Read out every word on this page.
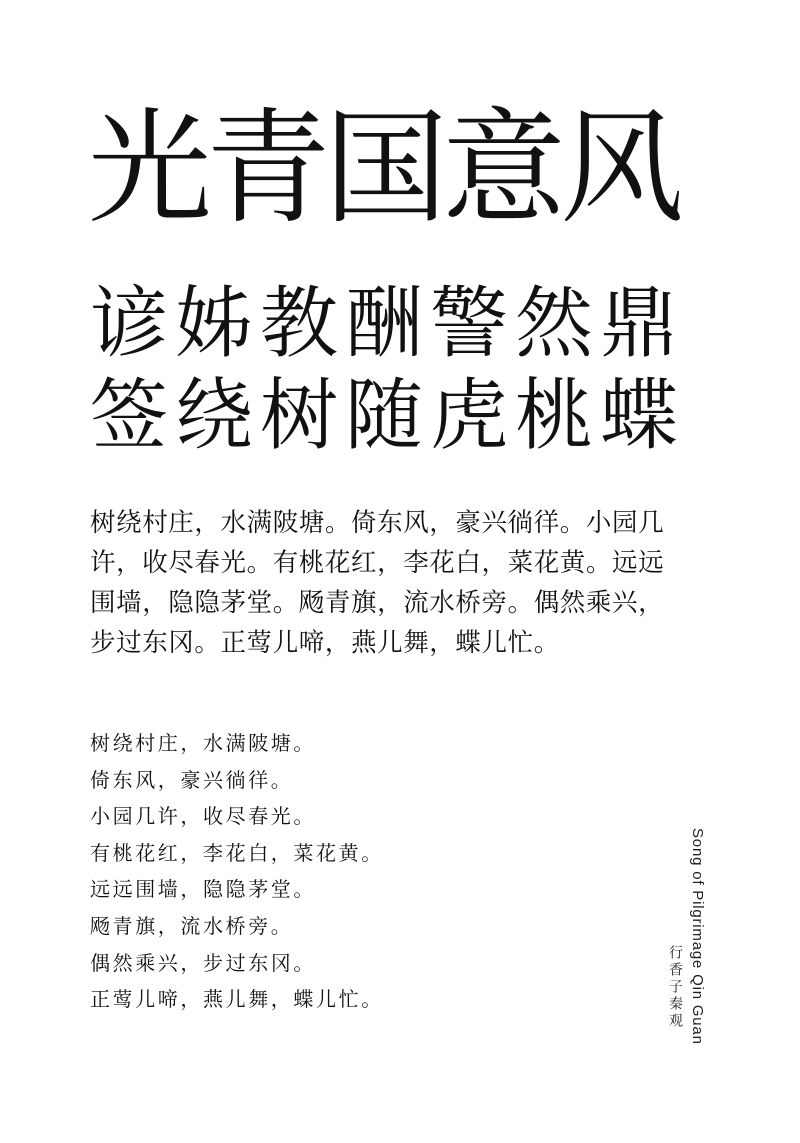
光青国意风
谚姊教酬警然鼎
签绕树随虎桃蝶
树绕村庄，水满陂塘。倚东风，豪兴徜徉。小园几
许，收尽春光。有桃花红，李花白，菜花黄。远远
围墙，隐隐茅堂。飏青旗，流水桥旁。偶然乘兴，
步过东冈。正莺儿啼，燕儿舞，蝶儿忙。
树绕村庄，水满陂塘。
倚东风，豪兴徜徉。
小园几许，收尽春光。
有桃花红，李花白，菜花黄。
远远围墙，隐隐茅堂。
飏青旗，流水桥旁。
偶然乘兴，步过东冈。
正莺儿啼，燕儿舞，蝶儿忙。	Song of Pilgrimage Qin Guan
行香子秦观
